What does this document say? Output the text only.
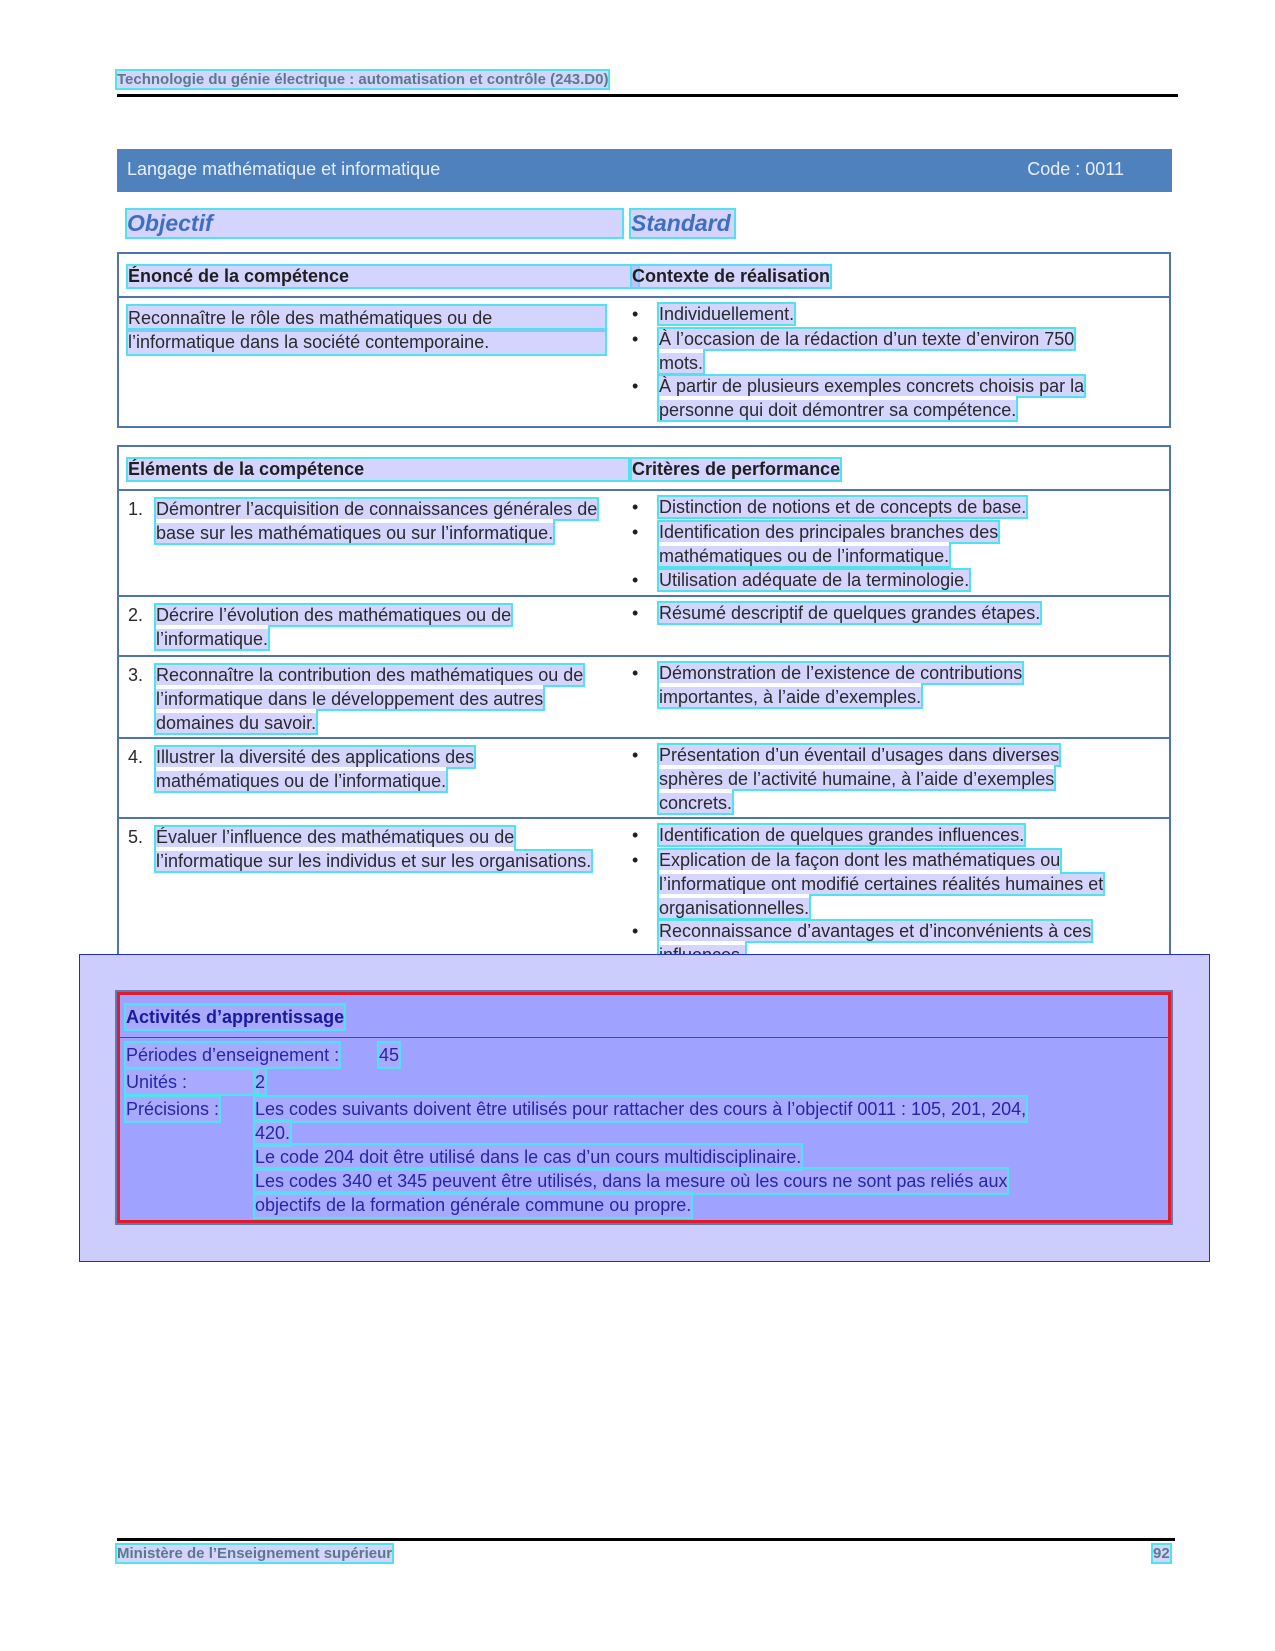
Technologie du génie électrique : automatisation et contrôle (243.D0)
Langage mathématique et informatique	Code : 0011
Objectif	Standard
Énoncé de la compétence	Contexte de réalisation
Reconnaître le rôle des mathématiques ou de
l’informatique dans la société contemporaine.
• Individuellement.
• À l’occasion de la rédaction d’un texte d’environ 750 mots.
• À partir de plusieurs exemples concrets choisis par la personne qui doit démontrer sa compétence.
Éléments de la compétence	Critères de performance
1. Démontrer l’acquisition de connaissances générales de base sur les mathématiques ou sur l’informatique.
• Distinction de notions et de concepts de base.
• Identification des principales branches des mathématiques ou de l’informatique.
• Utilisation adéquate de la terminologie.
2. Décrire l’évolution des mathématiques ou de l’informatique.
• Résumé descriptif de quelques grandes étapes.
3. Reconnaître la contribution des mathématiques ou de l’informatique dans le développement des autres domaines du savoir.
• Démonstration de l’existence de contributions importantes, à l’aide d’exemples.
4. Illustrer la diversité des applications des mathématiques ou de l’informatique.
• Présentation d’un éventail d’usages dans diverses sphères de l’activité humaine, à l’aide d’exemples concrets.
5. Évaluer l’influence des mathématiques ou de l’informatique sur les individus et sur les organisations.
• Identification de quelques grandes influences.
• Explication de la façon dont les mathématiques ou l’informatique ont modifié certaines réalités humaines et organisationnelles.
• Reconnaissance d’avantages et d’inconvénients à ces
Activités d’apprentissage
Périodes d’enseignement : 45
Unités :	2
Précisions : Les codes suivants doivent être utilisés pour rattacher des cours à l’objectif 0011 : 105, 201, 204,
420.
Le code 204 doit être utilisé dans le cas d’un cours multidisciplinaire.
Les codes 340 et 345 peuvent être utilisés, dans la mesure où les cours ne sont pas reliés aux
objectifs de la formation générale commune ou propre.
Ministère de l’Enseignement supérieur	92
